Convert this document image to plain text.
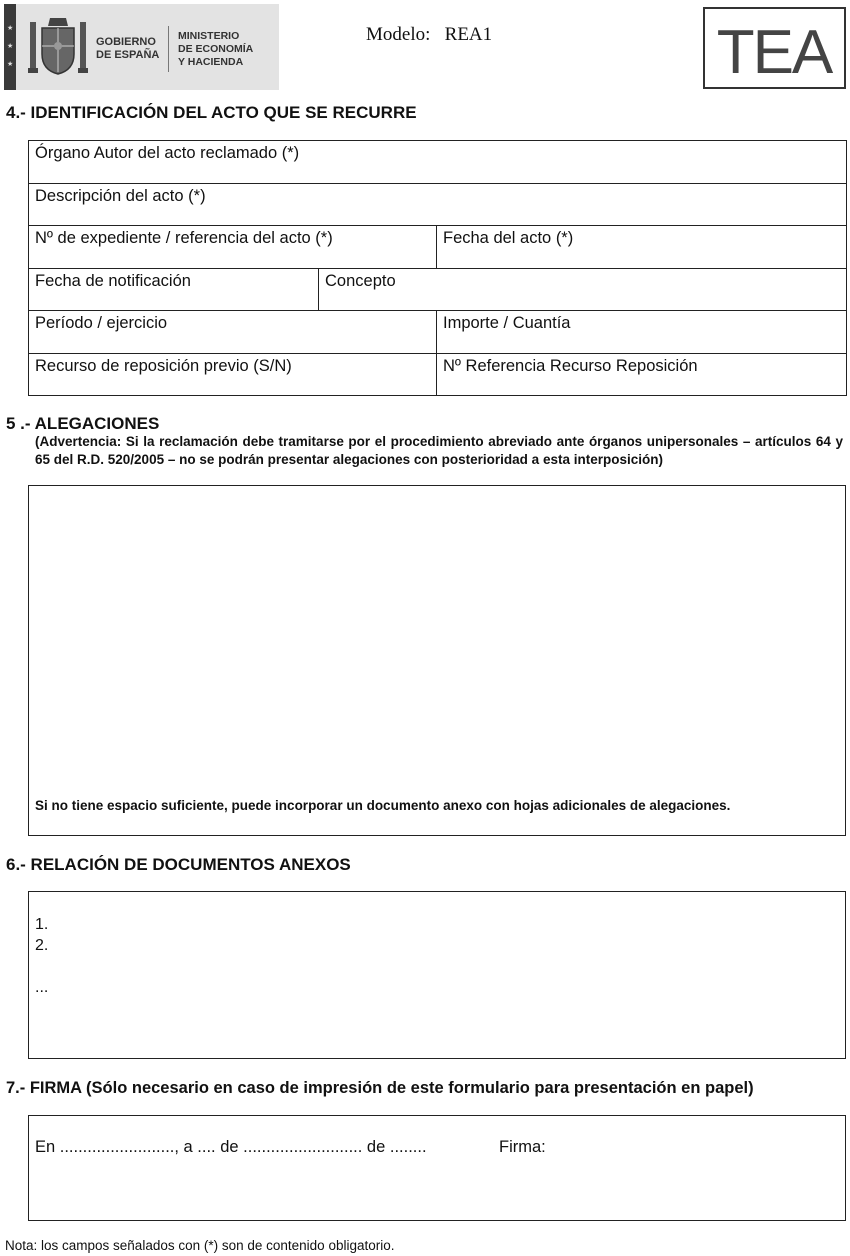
★
★
★
GOBIERNO
DE ESPAÑA
MINISTERIO
DE ECONOMÍA
Y HACIENDA
Modelo: REA1	TEA
4.- IDENTIFICACIÓN DEL ACTO QUE SE RECURRE
Órgano Autor del acto reclamado (*)		
Descripción del acto (*)		
Nº de expediente / referencia del acto (*)		Fecha del acto (*)
Fecha de notificación	Concepto	
Período / ejercicio		Importe / Cuantía
Recurso de reposición previo (S/N)		Nº Referencia Recurso Reposición
5 .- ALEGACIONES
(Advertencia: Si la reclamación debe tramitarse por el procedimiento abreviado ante órganos unipersonales – artículos 64 y 65 del R.D. 520/2005 – no se podrán presentar alegaciones con posterioridad a esta interposición)
Si no tiene espacio suficiente, puede incorporar un documento anexo con hojas adicionales de alegaciones.
6.- RELACIÓN DE DOCUMENTOS ANEXOS
1.
2.
...
7.- FIRMA (Sólo necesario en caso de impresión de este formulario para presentación en papel)
En ........................., a .... de .......................... de ........	Firma:
Nota: los campos señalados con (*) son de contenido obligatorio.
